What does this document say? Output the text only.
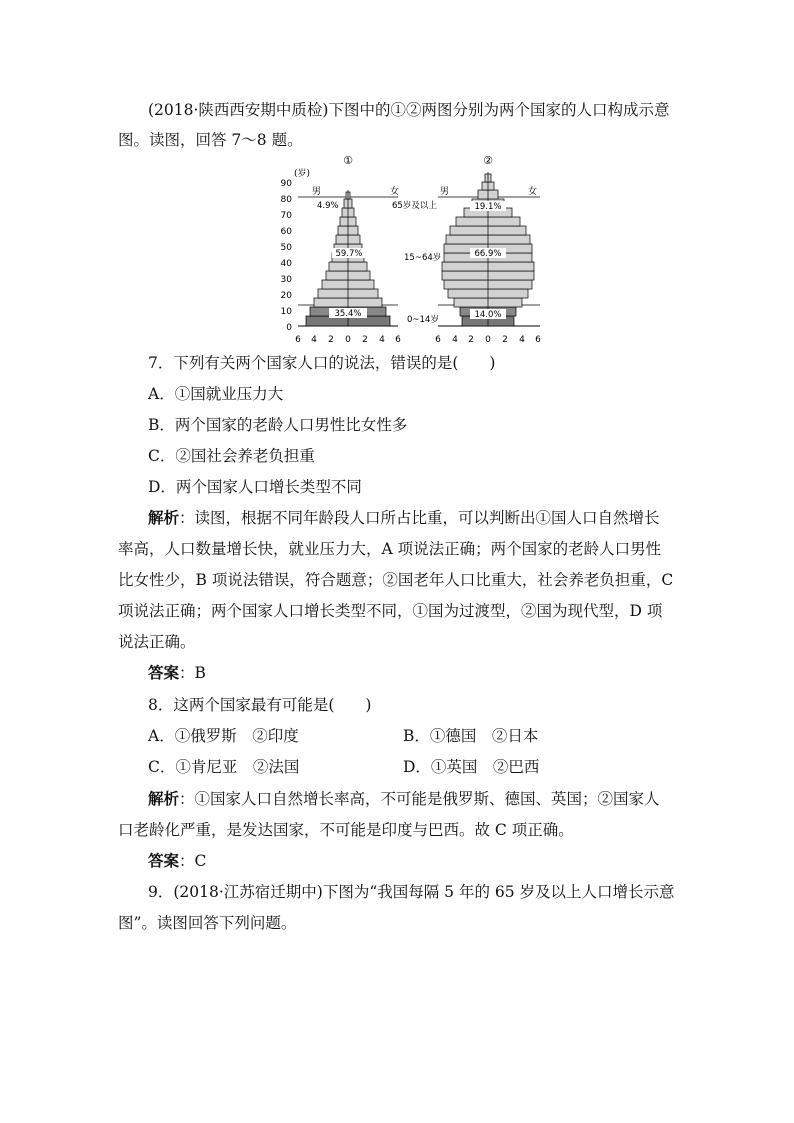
(2018·陕西西安期中质检)下图中的①②两图分别为两个国家的人口构成示意
图。读图，回答 7～8 题。
①	②
(岁)
90
80
70
60
50
40
30
20
10
0
男
4.9%
59.7%
35.4%
女
65岁及以上
15~64岁
0~14岁
男	女
19.1%
66.9%
14.0%
6 4 2 0 2 4 6	6 4 2 0 2 4 6
7．下列有关两个国家人口的说法，错误的是(　　)
A．①国就业压力大
B．两个国家的老龄人口男性比女性多
C．②国社会养老负担重
D．两个国家人口增长类型不同
解析：读图，根据不同年龄段人口所占比重，可以判断出①国人口自然增长
率高，人口数量增长快，就业压力大，A 项说法正确；两个国家的老龄人口男性
比女性少，B 项说法错误，符合题意；②国老年人口比重大，社会养老负担重，C
项说法正确；两个国家人口增长类型不同，①国为过渡型，②国为现代型，D 项
说法正确。
答案：B
8．这两个国家最有可能是(　　)
A．①俄罗斯　②印度	B．①德国　②日本
C．①肯尼亚　②法国	D．①英国　②巴西
解析：①国家人口自然增长率高，不可能是俄罗斯、德国、英国；②国家人
口老龄化严重，是发达国家，不可能是印度与巴西。故 C 项正确。
答案：C
9．(2018·江苏宿迁期中)下图为“我国每隔 5 年的 65 岁及以上人口增长示意
图”。读图回答下列问题。
